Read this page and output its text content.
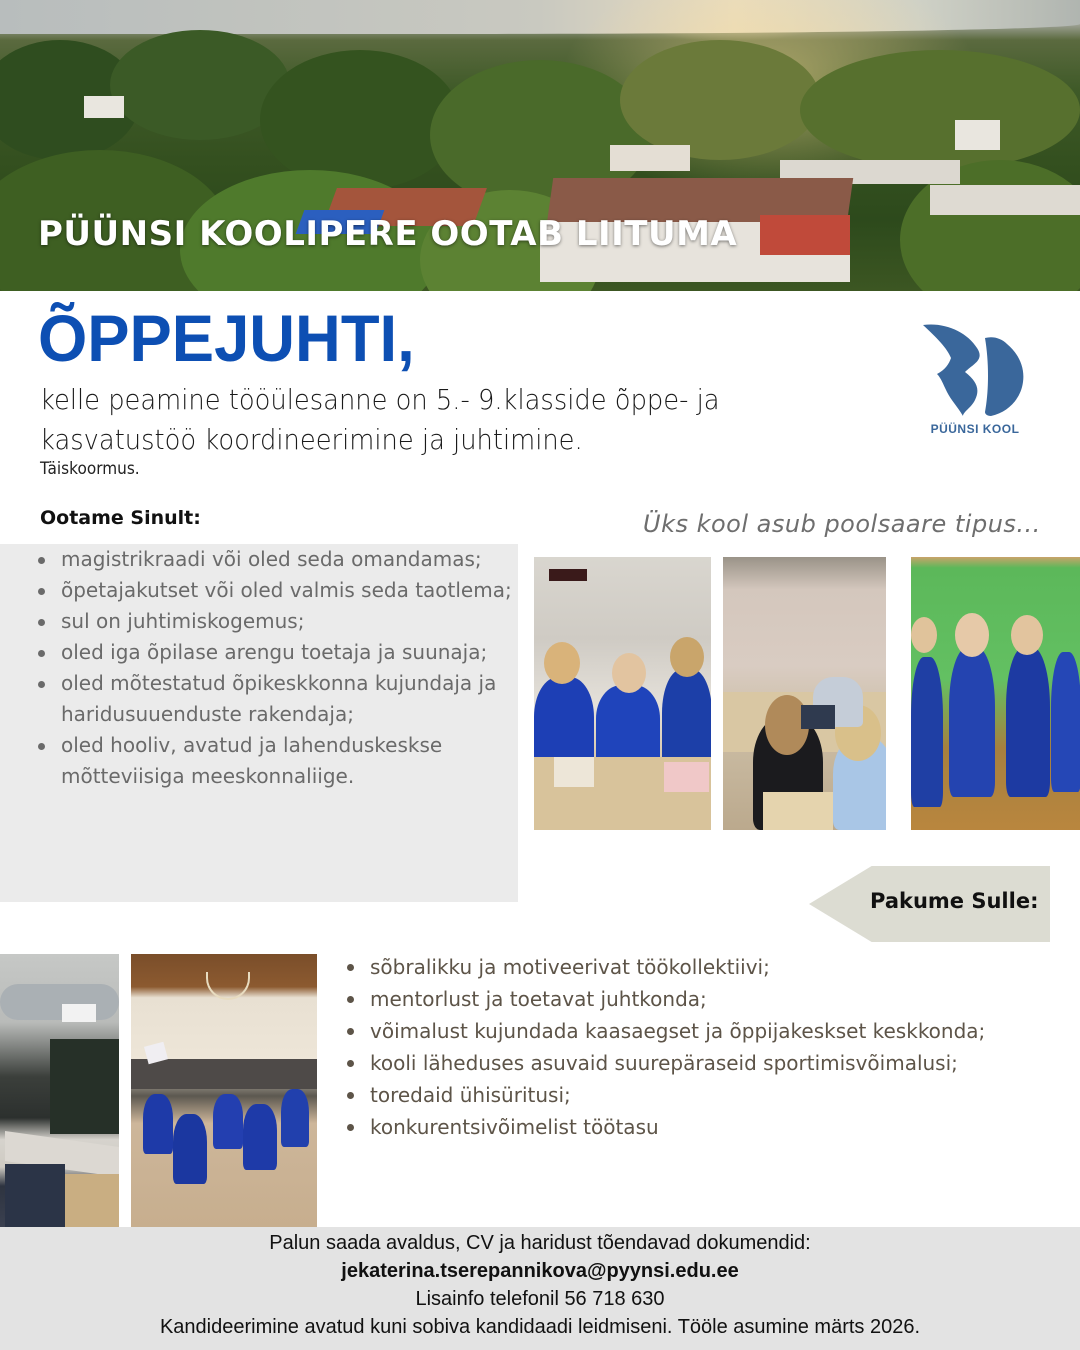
PÜÜNSI KOOLIPERE OOTAB LIITUMA
ÕPPEJUHTI,
kelle peamine tööülesanne on 5.- 9.klasside õppe- ja kasvatustöö koordineerimine ja juhtimine.
Täiskoormus.
PÜÜNSI KOOL
Ootame Sinult:
magistrikraadi või oled seda omandamas;
õpetajakutset või oled valmis seda taotlema;
sul on juhtimiskogemus;
oled iga õpilase arengu toetaja ja suunaja;
oled mõtestatud õpikeskkonna kujundaja ja haridusuuenduste rakendaja;
oled hooliv, avatud ja lahenduskeskse mõtteviisiga meeskonnaliige.
Üks kool asub poolsaare tipus...
Pakume Sulle:
sõbralikku ja motiveerivat töökollektiivi;
mentorlust ja toetavat juhtkonda;
võimalust kujundada kaasaegset ja õppijakeskset keskkonda;
kooli läheduses asuvaid suurepäraseid sportimisvõimalusi;
toredaid ühisüritusi;
konkurentsivõimelist töötasu
Palun saada avaldus, CV ja haridust tõendavad dokumendid:
jekaterina.tserepannikova@pyynsi.edu.ee
Lisainfo telefonil 56 718 630
Kandideerimine avatud kuni sobiva kandidaadi leidmiseni. Tööle asumine märts 2026.
